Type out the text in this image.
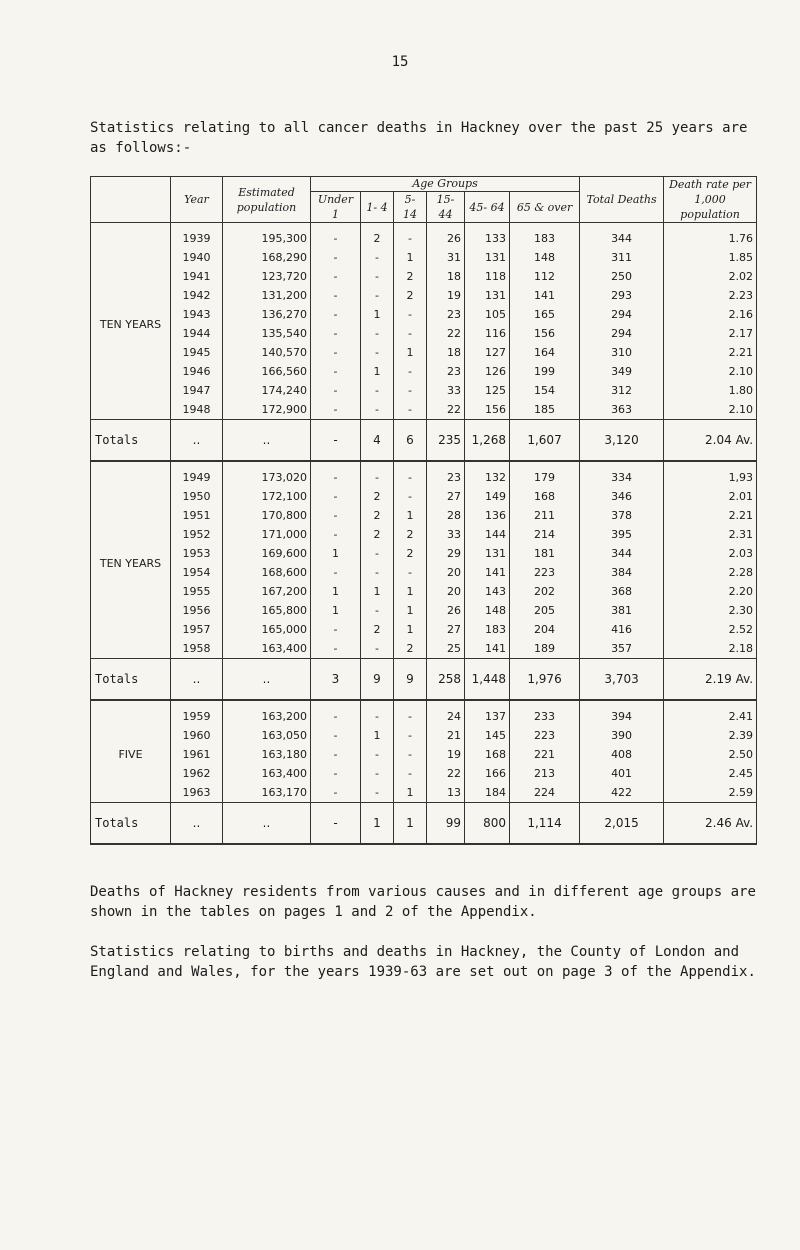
15
Statistics relating to all cancer deaths in Hackney over the past 25 years are as follows:-
	Year	Estimated population	Age Groups						Total Deaths	Death rate per 1,000 population
			Under 1	1- 4	5- 14	15- 44	45- 64	65 & over		
TEN YEARS	1939	195,300	-	2	-	26	133	183	344	1.76
	1940	168,290	-	-	1	31	131	148	311	1.85
	1941	123,720	-	-	2	18	118	112	250	2.02
	1942	131,200	-	-	2	19	131	141	293	2.23
	1943	136,270	-	1	-	23	105	165	294	2.16
	1944	135,540	-	-	-	22	116	156	294	2.17
	1945	140,570	-	-	1	18	127	164	310	2.21
	1946	166,560	-	1	-	23	126	199	349	2.10
	1947	174,240	-	-	-	33	125	154	312	1.80
	1948	172,900	-	-	-	22	156	185	363	2.10
Totals	..	..	-	4	6	235	1,268	1,607	3,120	2.04 Av.
TEN YEARS	1949	173,020	-	-	-	23	132	179	334	1,93
	1950	172,100	-	2	-	27	149	168	346	2.01
	1951	170,800	-	2	1	28	136	211	378	2.21
	1952	171,000	-	2	2	33	144	214	395	2.31
	1953	169,600	1	-	2	29	131	181	344	2.03
	1954	168,600	-	-	-	20	141	223	384	2.28
	1955	167,200	1	1	1	20	143	202	368	2.20
	1956	165,800	1	-	1	26	148	205	381	2.30
	1957	165,000	-	2	1	27	183	204	416	2.52
	1958	163,400	-	-	2	25	141	189	357	2.18
Totals	..	..	3	9	9	258	1,448	1,976	3,703	2.19 Av.
FIVE	1959	163,200	-	-	-	24	137	233	394	2.41
	1960	163,050	-	1	-	21	145	223	390	2.39
	1961	163,180	-	-	-	19	168	221	408	2.50
	1962	163,400	-	-	-	22	166	213	401	2.45
	1963	163,170	-	-	1	13	184	224	422	2.59
Totals	..	..	-	1	1	99	800	1,114	2,015	2.46 Av.
Deaths of Hackney residents from various causes and in different age groups are shown in the tables on pages 1 and 2 of the Appendix.
Statistics relating to births and deaths in Hackney, the County of London and England and Wales, for the years 1939-63 are set out on page 3 of the Appendix.
